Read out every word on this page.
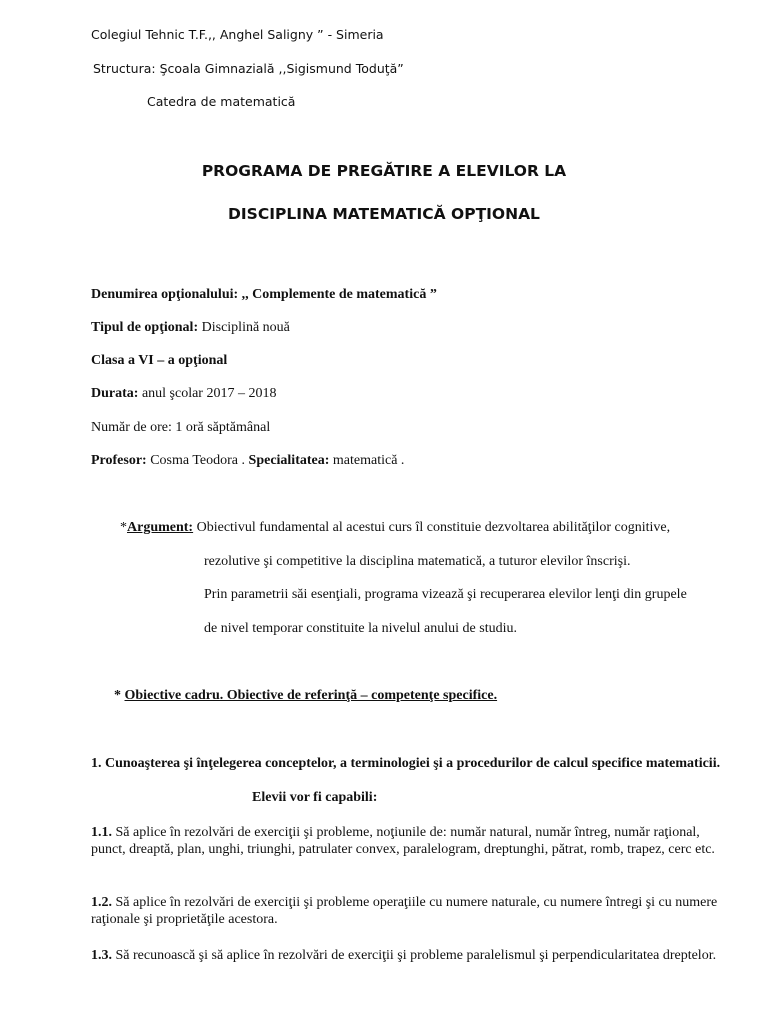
Colegiul Tehnic T.F.,, Anghel Saligny ” - Simeria
Structura: Şcoala Gimnazială ,,Sigismund Toduţă”
Catedra de matematică
PROGRAMA DE PREGĂTIRE A ELEVILOR LA
DISCIPLINA MATEMATICĂ OPŢIONAL
Denumirea opţionalului: ,, Complemente de matematică ”
Tipul de opţional: Disciplină nouă
Clasa a VI – a opţional
Durata: anul şcolar 2017 – 2018
Număr de ore: 1 oră săptămânal
Profesor: Cosma Teodora . Specialitatea: matematică .
*Argument: Obiectivul fundamental al acestui curs îl constituie dezvoltarea abilităţilor cognitive,
rezolutive şi competitive la disciplina matematică, a tuturor elevilor înscrişi.
Prin parametrii săi esenţiali, programa vizează şi recuperarea elevilor lenţi din grupele
de nivel temporar constituite la nivelul anului de studiu.
* Obiective cadru. Obiective de referinţă – competenţe specifice.
1. Cunoaşterea şi înţelegerea conceptelor, a terminologiei şi a procedurilor de calcul specifice matematicii.
Elevii vor fi capabili:
1.1. Să aplice în rezolvări de exerciţii şi probleme, noţiunile de: număr natural, număr întreg, număr raţional, punct, dreaptă, plan, unghi, triunghi, patrulater convex, paralelogram, dreptunghi, pătrat, romb, trapez, cerc etc.
1.2. Să aplice în rezolvări de exerciţii şi probleme operaţiile cu numere naturale, cu numere întregi şi cu numere raţionale şi proprietăţile acestora.
1.3. Să recunoască şi să aplice în rezolvări de exerciţii şi probleme paralelismul şi perpendicularitatea dreptelor.
